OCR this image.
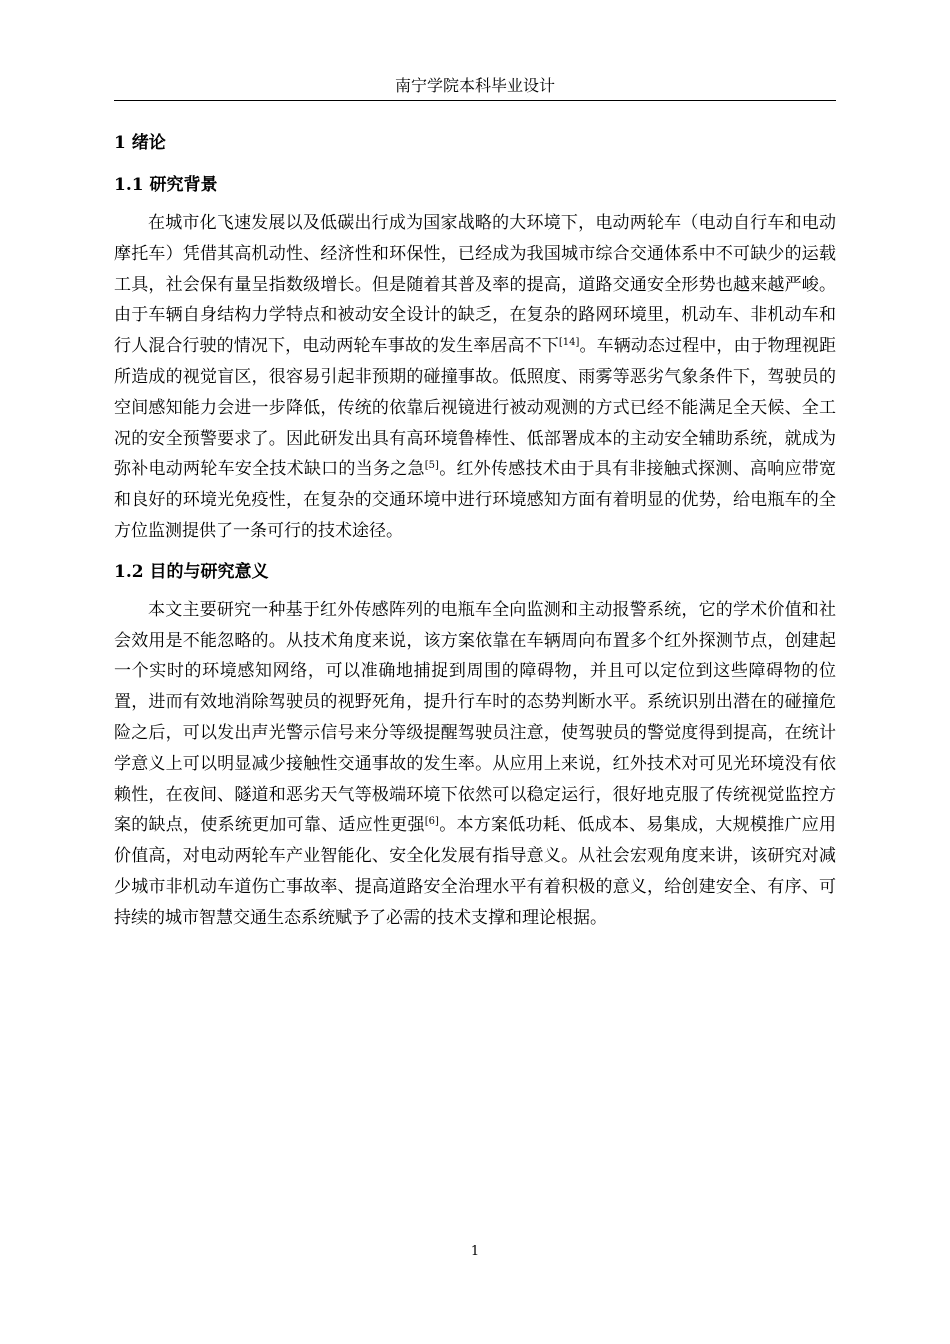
南宁学院本科毕业设计
1 绪论
1.1 研究背景

在城市化飞速发展以及低碳出行成为国家战略的大环境下，电动两轮车（电动自行车和电动摩托车）凭借其高机动性、经济性和环保性，已经成为我国城市综合交通体系中不可缺少的运载工具，社会保有量呈指数级增长。但是随着其普及率的提高，道路交通安全形势也越来越严峻。由于车辆自身结构力学特点和被动安全设计的缺乏，在复杂的路网环境里，机动车、非机动车和行人混合行驶的情况下，电动两轮车事故的发生率居高不下[14]。车辆动态过程中，由于物理视距所造成的视觉盲区，很容易引起非预期的碰撞事故。低照度、雨雾等恶劣气象条件下，驾驶员的空间感知能力会进一步降低，传统的依靠后视镜进行被动观测的方式已经不能满足全天候、全工况的安全预警要求了。因此研发出具有高环境鲁棒性、低部署成本的主动安全辅助系统，就成为弥补电动两轮车安全技术缺口的当务之急[5]。红外传感技术由于具有非接触式探测、高响应带宽和良好的环境光免疫性，在复杂的交通环境中进行环境感知方面有着明显的优势，给电瓶车的全方位监测提供了一条可行的技术途径。

1.2 目的与研究意义

本文主要研究一种基于红外传感阵列的电瓶车全向监测和主动报警系统，它的学术价值和社会效用是不能忽略的。从技术角度来说，该方案依靠在车辆周向布置多个红外探测节点，创建起一个实时的环境感知网络，可以准确地捕捉到周围的障碍物，并且可以定位到这些障碍物的位置，进而有效地消除驾驶员的视野死角，提升行车时的态势判断水平。系统识别出潜在的碰撞危险之后，可以发出声光警示信号来分等级提醒驾驶员注意，使驾驶员的警觉度得到提高，在统计学意义上可以明显减少接触性交通事故的发生率。从应用上来说，红外技术对可见光环境没有依赖性，在夜间、隧道和恶劣天气等极端环境下依然可以稳定运行，很好地克服了传统视觉监控方案的缺点，使系统更加可靠、适应性更强[6]。本方案低功耗、低成本、易集成，大规模推广应用价值高，对电动两轮车产业智能化、安全化发展有指导意义。从社会宏观角度来讲，该研究对减少城市非机动车道伤亡事故率、提高道路安全治理水平有着积极的意义，给创建安全、有序、可持续的城市智慧交通生态系统赋予了必需的技术支撑和理论根据。

1
